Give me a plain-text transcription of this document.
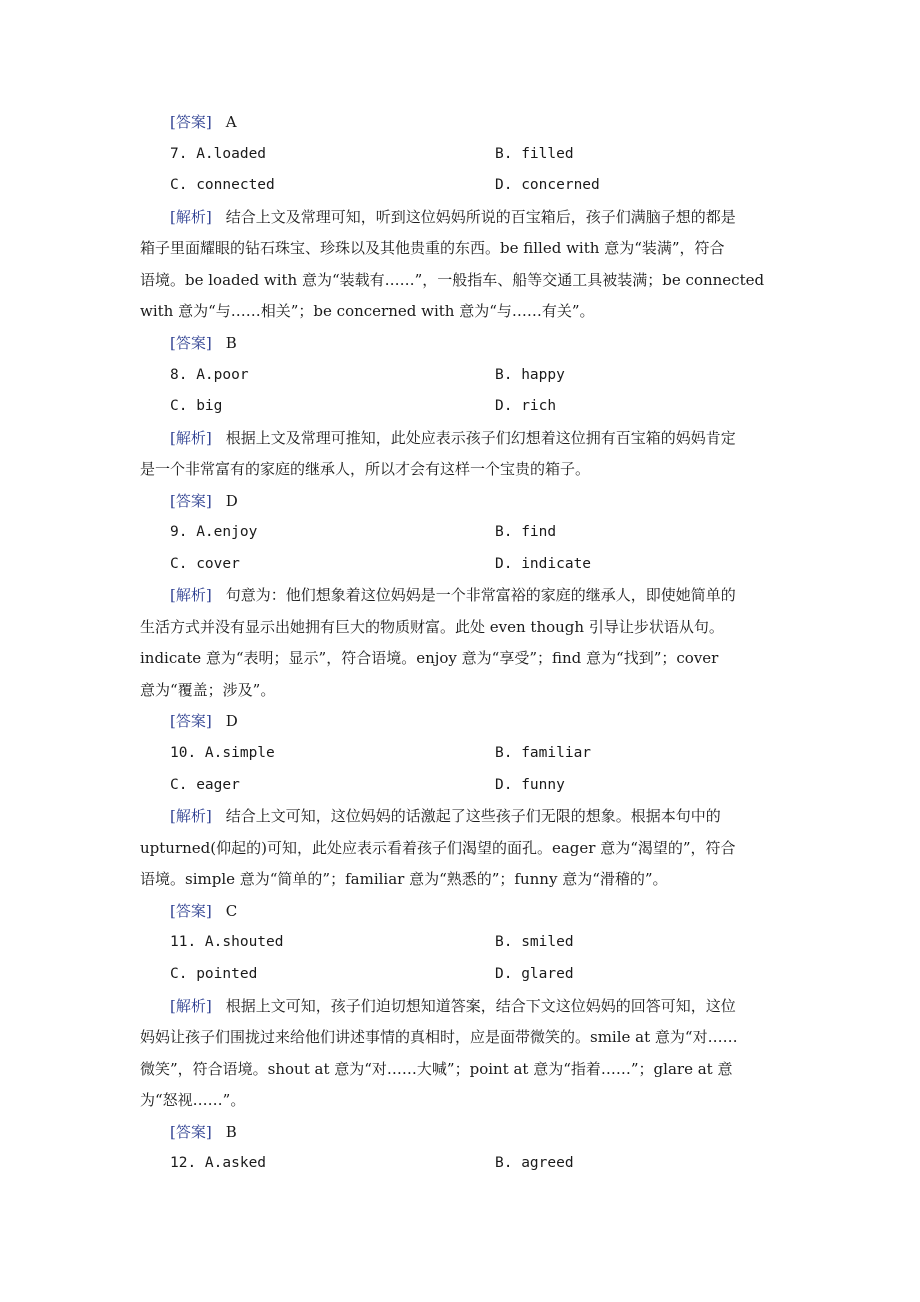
[答案] A
7. A.loaded	B. filled
C. connected	D. concerned
[解析] 结合上文及常理可知，听到这位妈妈所说的百宝箱后，孩子们满脑子想的都是
箱子里面耀眼的钻石珠宝、珍珠以及其他贵重的东西。be filled with 意为“装满”，符合
语境。be loaded with 意为“装载有……”，一般指车、船等交通工具被装满；be connected
with 意为“与……相关”；be concerned with 意为“与……有关”。
[答案] B
8. A.poor	B. happy
C. big	D. rich
[解析] 根据上文及常理可推知，此处应表示孩子们幻想着这位拥有百宝箱的妈妈肯定
是一个非常富有的家庭的继承人，所以才会有这样一个宝贵的箱子。
[答案] D
9. A.enjoy	B. find
C. cover	D. indicate
[解析] 句意为：他们想象着这位妈妈是一个非常富裕的家庭的继承人，即使她简单的
生活方式并没有显示出她拥有巨大的物质财富。此处 even though 引导让步状语从句。
indicate 意为“表明；显示”，符合语境。enjoy 意为“享受”；find 意为“找到”；cover
意为“覆盖；涉及”。
[答案] D
10. A.simple	B. familiar
C. eager	D. funny
[解析] 结合上文可知，这位妈妈的话激起了这些孩子们无限的想象。根据本句中的
upturned(仰起的)可知，此处应表示看着孩子们渴望的面孔。eager 意为“渴望的”，符合
语境。simple 意为“简单的”；familiar 意为“熟悉的”；funny 意为“滑稽的”。
[答案] C
11. A.shouted	B. smiled
C. pointed	D. glared
[解析] 根据上文可知，孩子们迫切想知道答案，结合下文这位妈妈的回答可知，这位
妈妈让孩子们围拢过来给他们讲述事情的真相时，应是面带微笑的。smile at 意为“对……
微笑”，符合语境。shout at 意为“对……大喊”；point at 意为“指着……”；glare at 意
为“怒视……”。
[答案] B
12. A.asked	B. agreed
